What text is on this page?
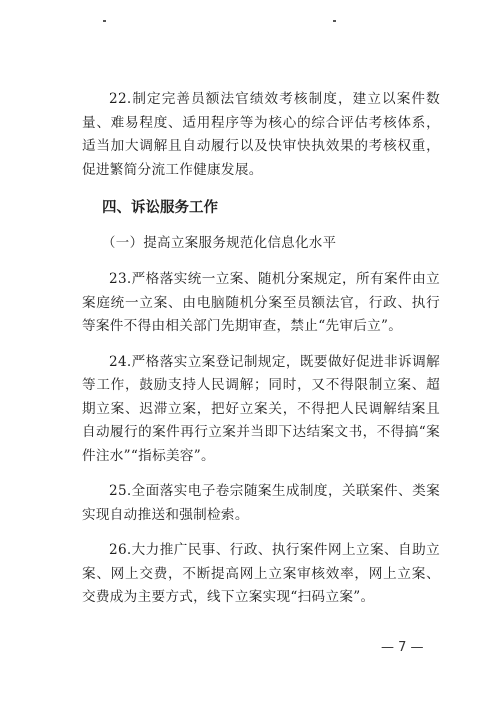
22.制定完善员额法官绩效考核制度，建立以案件数量、难易程度、适用程序等为核心的综合评估考核体系，适当加大调解且自动履行以及快审快执效果的考核权重，促进繁简分流工作健康发展。

四、诉讼服务工作

（一）提高立案服务规范化信息化水平

23.严格落实统一立案、随机分案规定，所有案件由立案庭统一立案、由电脑随机分案至员额法官，行政、执行等案件不得由相关部门先期审查，禁止“先审后立”。

24.严格落实立案登记制规定，既要做好促进非诉调解等工作，鼓励支持人民调解；同时，又不得限制立案、超期立案、迟滞立案，把好立案关，不得把人民调解结案且自动履行的案件再行立案并当即下达结案文书，不得搞“案件注水”“指标美容”。

25.全面落实电子卷宗随案生成制度，关联案件、类案实现自动推送和强制检索。

26.大力推广民事、行政、执行案件网上立案、自助立案、网上交费，不断提高网上立案审核效率，网上立案、交费成为主要方式，线下立案实现“扫码立案”。

— 7 —
